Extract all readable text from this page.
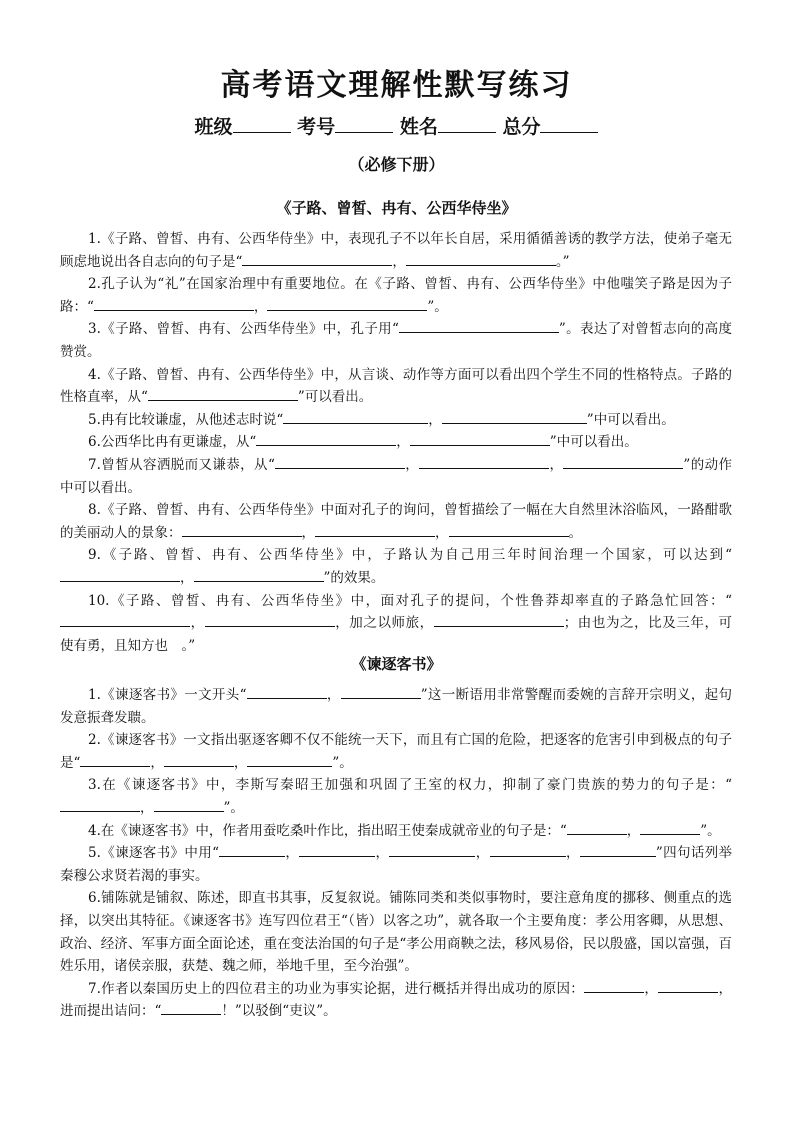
高考语文理解性默写练习
班级	考号	姓名	总分
（必修下册）
《子路、曾皙、冉有、公西华侍坐》

1.《子路、曾皙、冉有、公西华侍坐》中，表现孔子不以年长自居，采用循循善诱的教学方法，使弟子毫无顾虑地说出各自志向的句子是“	，	。”

2.孔子认为“礼”在国家治理中有重要地位。在《子路、曾皙、冉有、公西华侍坐》中他嗤笑子路是因为子路：“	，	”。

3.《子路、曾皙、冉有、公西华侍坐》中，孔子用“	”。表达了对曾皙志向的高度赞赏。

4.《子路、曾皙、冉有、公西华侍坐》中，从言谈、动作等方面可以看出四个学生不同的性格特点。子路的性格直率，从“	”可以看出。

5.冉有比较谦虚，从他述志时说“	，	”中可以看出。

6.公西华比冉有更谦虚，从“	，	”中可以看出。

7.曾皙从容洒脱而又谦恭，从“	，	，	”的动作中可以看出。

8.《子路、曾皙、冉有、公西华侍坐》中面对孔子的询问，曾皙描绘了一幅在大自然里沐浴临风，一路酣歌的美丽动人的景象：	，	，	。

9.《子路、曾皙、冉有、公西华侍坐》中，子路认为自己用三年时间治理一个国家，可以达到“，	”的效果。

10.《子路、曾皙、冉有、公西华侍坐》中，面对孔子的提问，个性鲁莽却率直的子路急忙回答：“，	，加之以师旅，	；由也为之，比及三年，可使有勇，且知方也　。”

《谏逐客书》

1.《谏逐客书》一文开头“	，	”这一断语用非常警醒而委婉的言辞开宗明义，起句发意振聋发聩。

2.《谏逐客书》一文指出驱逐客卿不仅不能统一天下，而且有亡国的危险，把逐客的危害引申到极点的句子是“	，	，	”。

3.在《谏逐客书》中，李斯写秦昭王加强和巩固了王室的权力，抑制了豪门贵族的势力的句子是：“，	”。

4.在《谏逐客书》中，作者用蚕吃桑叶作比，指出昭王使秦成就帝业的句子是：“	，	”。

5.《谏逐客书》中用“	，	，	，	，	”四句话列举秦穆公求贤若渴的事实。

6.铺陈就是铺叙、陈述，即直书其事，反复叙说。铺陈同类和类似事物时，要注意角度的挪移、侧重点的选择，以突出其特征。《谏逐客书》连写四位君王“（皆）以客之功”，就各取一个主要角度：孝公用客卿，从思想、政治、经济、军事方面全面论述，重在变法治国的句子是“孝公用商鞅之法，移风易俗，民以殷盛，国以富强，百姓乐用，诸侯亲服，获楚、魏之师，举地千里，至今治强”。

7.作者以秦国历史上的四位君主的功业为事实论据，进行概括并得出成功的原因：	，	，进而提出诘问：“	！”以驳倒“吏议”。
